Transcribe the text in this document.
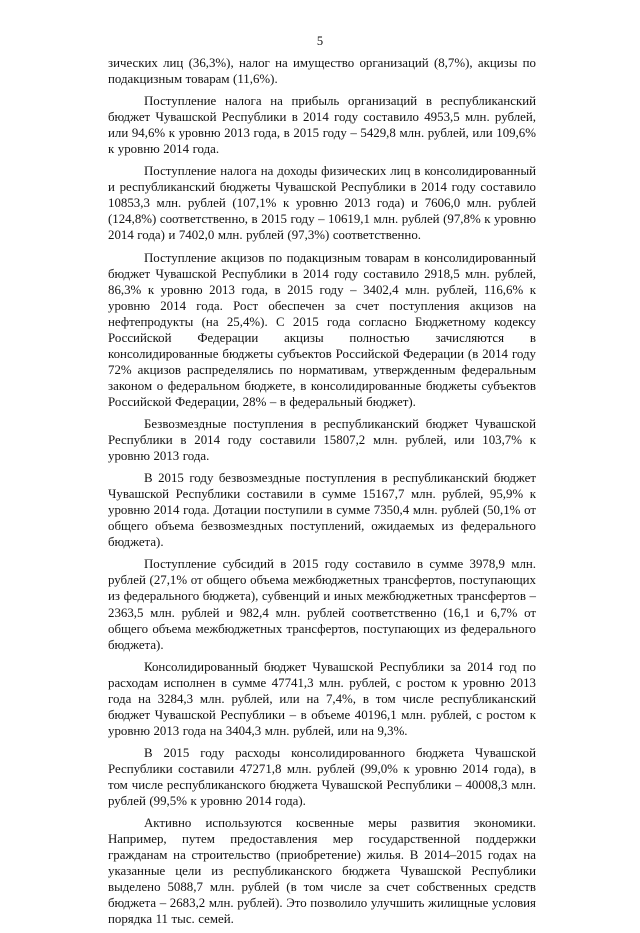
5

зических лиц (36,3%), налог на имущество организаций (8,7%), акцизы по подакцизным товарам (11,6%).

Поступление налога на прибыль организаций в республиканский бюджет Чувашской Республики в 2014 году составило 4953,5 млн. рублей, или 94,6% к уровню 2013 года, в 2015 году – 5429,8 млн. рублей, или 109,6% к уровню 2014 года.

Поступление налога на доходы физических лиц в консолидированный и республиканский бюджеты Чувашской Республики в 2014 году составило 10853,3 млн. рублей (107,1% к уровню 2013 года) и 7606,0 млн. рублей (124,8%) соответственно, в 2015 году – 10619,1 млн. рублей (97,8% к уровню 2014 года) и 7402,0 млн. рублей (97,3%) соответственно.

Поступление акцизов по подакцизным товарам в консолидированный бюджет Чувашской Республики в 2014 году составило 2918,5 млн. рублей, 86,3% к уровню 2013 года, в 2015 году – 3402,4 млн. рублей, 116,6% к уровню 2014 года. Рост обеспечен за счет поступления акцизов на нефтепродукты (на 25,4%). С 2015 года согласно Бюджетному кодексу Российской Федерации акцизы полностью зачисляются в консолидированные бюджеты субъектов Российской Федерации (в 2014 году 72% акцизов распределялись по нормативам, утвержденным федеральным законом о федеральном бюджете, в консолидированные бюджеты субъектов Российской Федерации, 28% – в федеральный бюджет).

Безвозмездные поступления в республиканский бюджет Чувашской Республики в 2014 году составили 15807,2 млн. рублей, или 103,7% к уровню 2013 года.

В 2015 году безвозмездные поступления в республиканский бюджет Чувашской Республики составили в сумме 15167,7 млн. рублей, 95,9% к уровню 2014 года. Дотации поступили в сумме 7350,4 млн. рублей (50,1% от общего объема безвозмездных поступлений, ожидаемых из федерального бюджета).

Поступление субсидий в 2015 году составило в сумме 3978,9 млн. рублей (27,1% от общего объема межбюджетных трансфертов, поступающих из федерального бюджета), субвенций и иных межбюджетных трансфертов – 2363,5 млн. рублей и 982,4 млн. рублей соответственно (16,1 и 6,7% от общего объема межбюджетных трансфертов, поступающих из федерального бюджета).

Консолидированный бюджет Чувашской Республики за 2014 год по расходам исполнен в сумме 47741,3 млн. рублей, с ростом к уровню 2013 года на 3284,3 млн. рублей, или на 7,4%, в том числе республиканский бюджет Чувашской Республики – в объеме 40196,1 млн. рублей, с ростом к уровню 2013 года на 3404,3 млн. рублей, или на 9,3%.

В 2015 году расходы консолидированного бюджета Чувашской Республики составили 47271,8 млн. рублей (99,0% к уровню 2014 года), в том числе республиканского бюджета Чувашской Республики – 40008,3 млн. рублей (99,5% к уровню 2014 года).

Активно используются косвенные меры развития экономики. Например, путем предоставления мер государственной поддержки гражданам на строительство (приобретение) жилья. В 2014–2015 годах на указанные цели из республиканского бюджета Чувашской Республики выделено 5088,7 млн. рублей (в том числе за счет собственных средств бюджета – 2683,2 млн. рублей). Это позволило улучшить жилищные условия порядка 11 тыс. семей.
